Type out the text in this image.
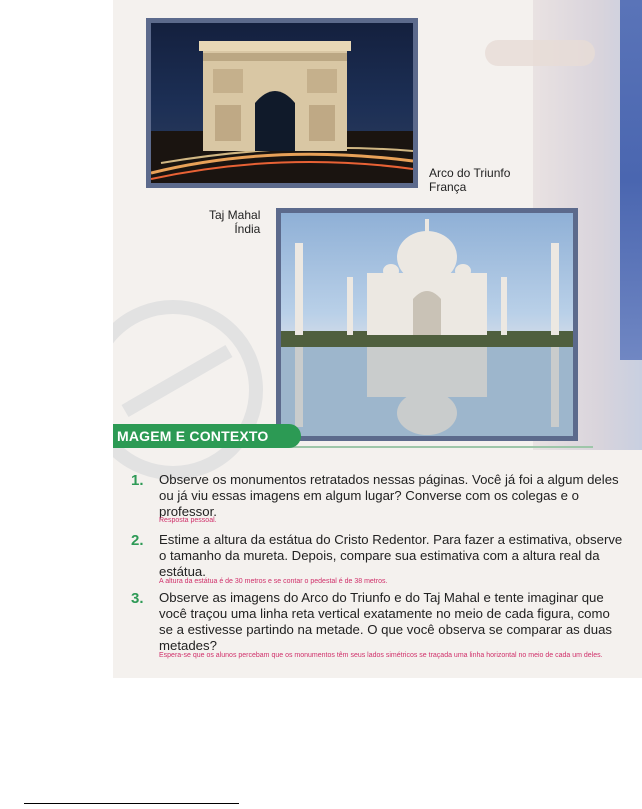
Arco do Triunfo
França
Taj Mahal
Índia
MAGEM E CONTEXTO
1. Observe os monumentos retratados nessas páginas. Você já foi a algum deles ou já viu essas imagens em algum lugar? Converse com os colegas e o professor.
Resposta pessoal.
2. Estime a altura da estátua do Cristo Redentor. Para fazer a estimativa, observe o tamanho da mureta. Depois, compare sua estimativa com a altura real da estátua.
A altura da estátua é de 30 metros e se contar o pedestal é de 38 metros.
3. Observe as imagens do Arco do Triunfo e do Taj Mahal e tente imaginar que você traçou uma linha reta vertical exatamente no meio de cada figura, como se a estivesse partindo na metade. O que você observa se comparar as duas metades?
Espera-se que os alunos percebam que os monumentos têm seus lados simétricos se traçada uma linha horizontal no meio de cada um deles.
